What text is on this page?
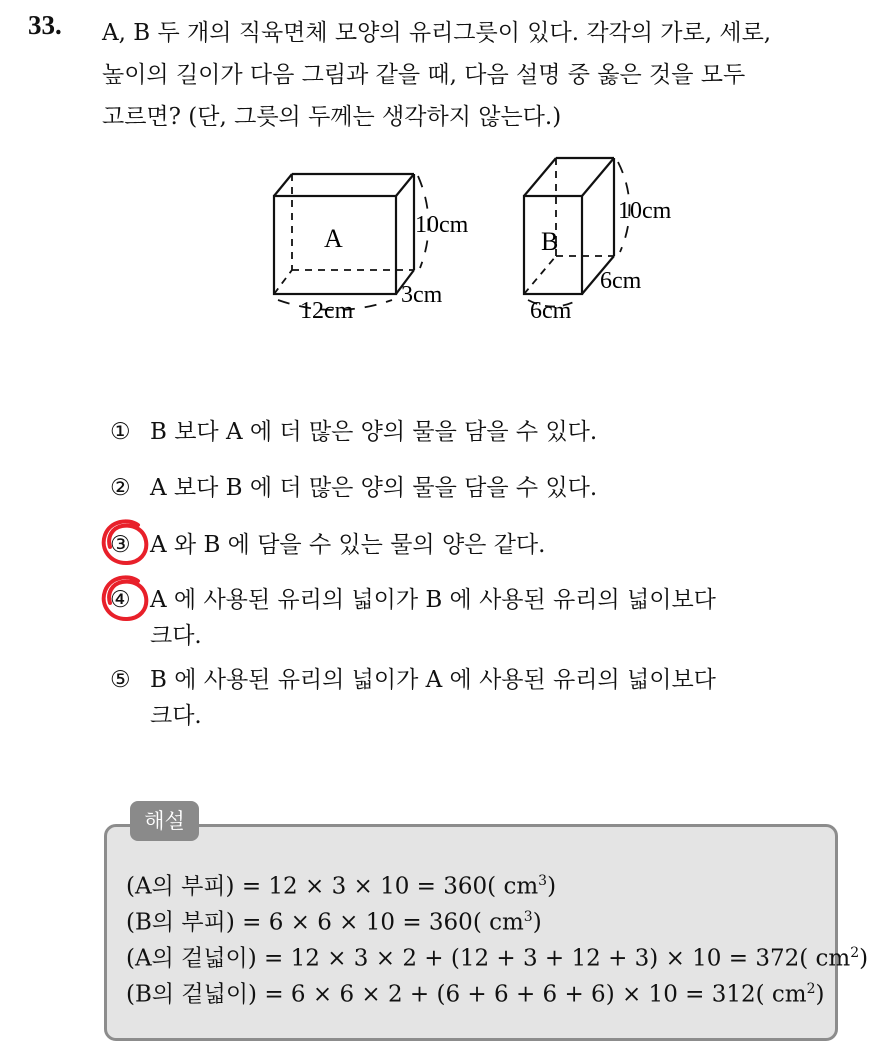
33. A, B 두 개의 직육면체 모양의 유리그릇이 있다. 각각의 가로, 세로,
높이의 길이가 다음 그림과 같을 때, 다음 설명 중 옳은 것을 모두
고르면? (단, 그릇의 두께는 생각하지 않는다.)
A	10cm
3cm
12cm
B
10cm
6cm
6cm
① B 보다 A 에 더 많은 양의 물을 담을 수 있다.
② A 보다 B 에 더 많은 양의 물을 담을 수 있다.
③ A 와 B 에 담을 수 있는 물의 양은 같다.
④ A 에 사용된 유리의 넓이가 B 에 사용된 유리의 넓이보다
크다.
⑤ B 에 사용된 유리의 넓이가 A 에 사용된 유리의 넓이보다
크다.
해설
(A의 부피) = 12 × 3 × 10 = 360( $cm^3$)
(B의 부피) = 6 × 6 × 10 = 360( $cm^3$)
(A의 겉넓이) = 12 × 3 × 2 + (12 + 3 + 12 + 3) × 10 = 372( $cm^2$)
(B의 겉넓이) = 6 × 6 × 2 + (6 + 6 + 6 + 6) × 10 = 312( $cm^2$)
